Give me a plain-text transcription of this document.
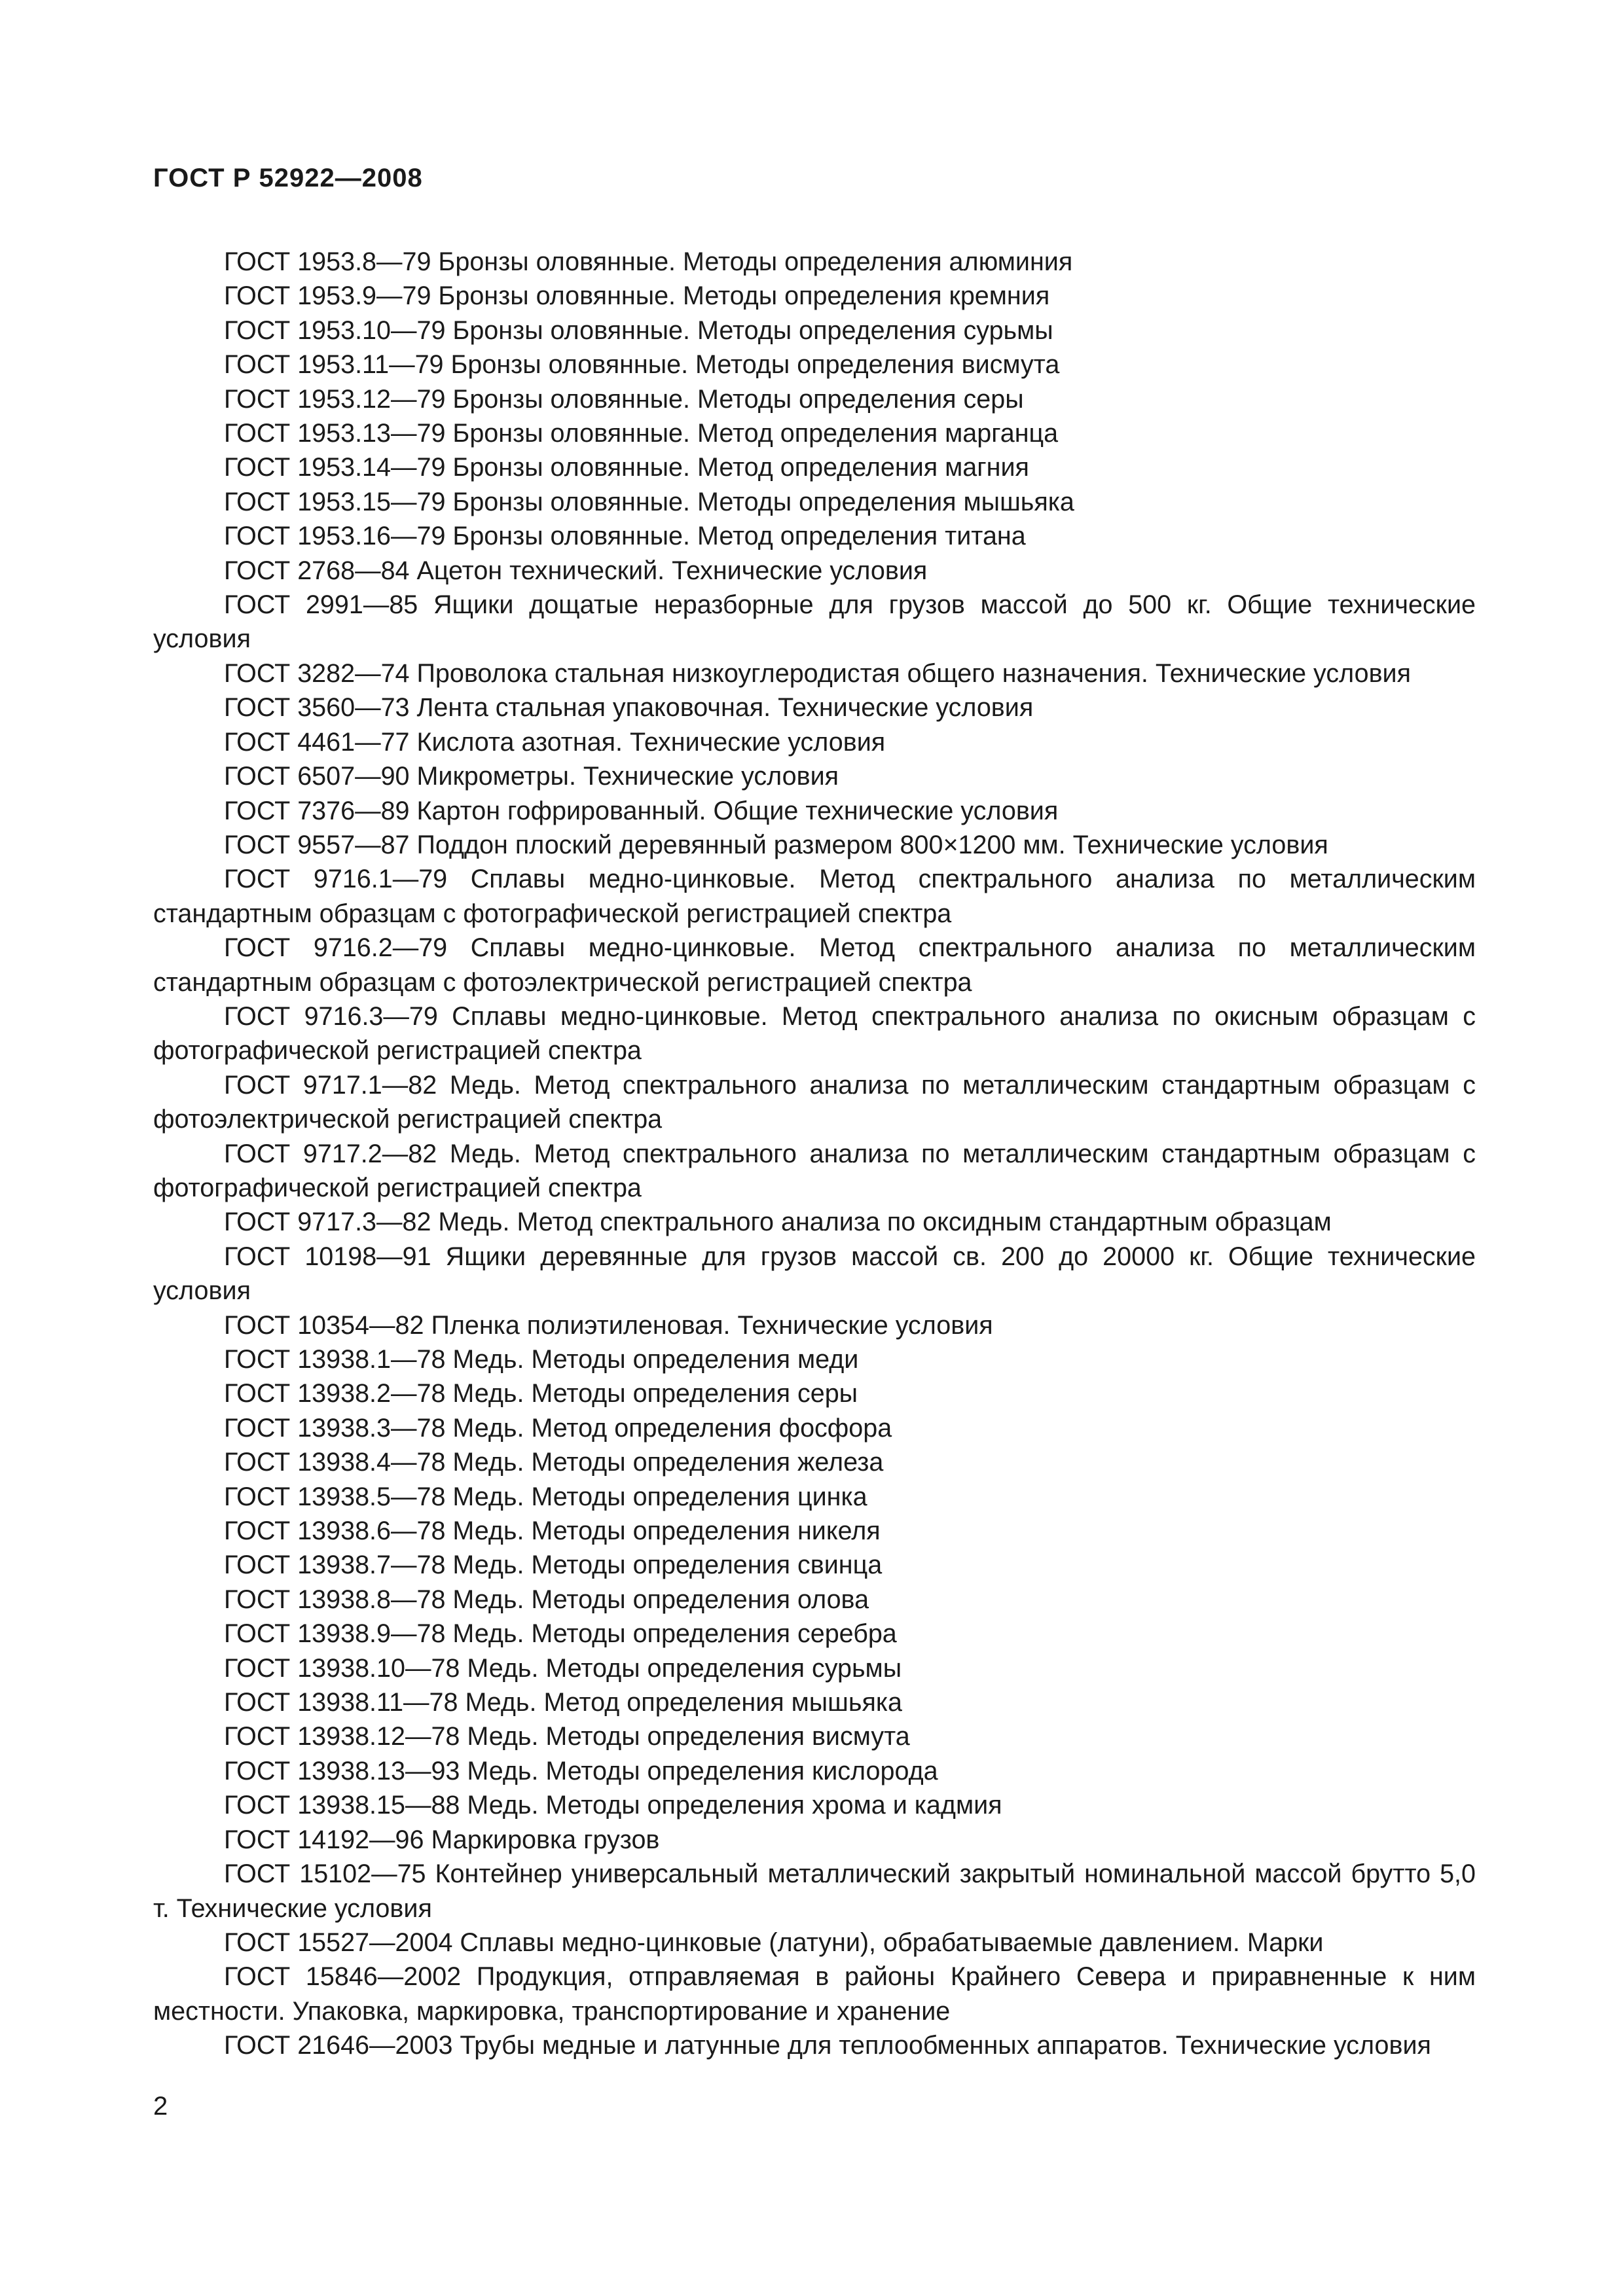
ГОСТ Р 52922—2008
ГОСТ 1953.8—79 Бронзы оловянные. Методы определения алюминия
ГОСТ 1953.9—79 Бронзы оловянные. Методы определения кремния
ГОСТ 1953.10—79 Бронзы оловянные. Методы определения сурьмы
ГОСТ 1953.11—79 Бронзы оловянные. Методы определения висмута
ГОСТ 1953.12—79 Бронзы оловянные. Методы определения серы
ГОСТ 1953.13—79 Бронзы оловянные. Метод определения марганца
ГОСТ 1953.14—79 Бронзы оловянные. Метод определения магния
ГОСТ 1953.15—79 Бронзы оловянные. Методы определения мышьяка
ГОСТ 1953.16—79 Бронзы оловянные. Метод определения титана
ГОСТ 2768—84 Ацетон технический. Технические условия
ГОСТ 2991—85 Ящики дощатые неразборные для грузов массой до 500 кг. Общие технические условия
ГОСТ 3282—74 Проволока стальная низкоуглеродистая общего назначения. Технические условия
ГОСТ 3560—73 Лента стальная упаковочная. Технические условия
ГОСТ 4461—77 Кислота азотная. Технические условия
ГОСТ 6507—90 Микрометры. Технические условия
ГОСТ 7376—89 Картон гофрированный. Общие технические условия
ГОСТ 9557—87 Поддон плоский деревянный размером 800×1200 мм. Технические условия
ГОСТ 9716.1—79 Сплавы медно-цинковые. Метод спектрального анализа по металлическим стандартным образцам с фотографической регистрацией спектра
ГОСТ 9716.2—79 Сплавы медно-цинковые. Метод спектрального анализа по металлическим стандартным образцам с фотоэлектрической регистрацией спектра
ГОСТ 9716.3—79 Сплавы медно-цинковые. Метод спектрального анализа по окисным образцам с фотографической регистрацией спектра
ГОСТ 9717.1—82 Медь. Метод спектрального анализа по металлическим стандартным образцам с фотоэлектрической регистрацией спектра
ГОСТ 9717.2—82 Медь. Метод спектрального анализа по металлическим стандартным образцам с фотографической регистрацией спектра
ГОСТ 9717.3—82 Медь. Метод спектрального анализа по оксидным стандартным образцам
ГОСТ 10198—91 Ящики деревянные для грузов массой св. 200 до 20000 кг. Общие технические условия
ГОСТ 10354—82 Пленка полиэтиленовая. Технические условия
ГОСТ 13938.1—78 Медь. Методы определения меди
ГОСТ 13938.2—78 Медь. Методы определения серы
ГОСТ 13938.3—78 Медь. Метод определения фосфора
ГОСТ 13938.4—78 Медь. Методы определения железа
ГОСТ 13938.5—78 Медь. Методы определения цинка
ГОСТ 13938.6—78 Медь. Методы определения никеля
ГОСТ 13938.7—78 Медь. Методы определения свинца
ГОСТ 13938.8—78 Медь. Методы определения олова
ГОСТ 13938.9—78 Медь. Методы определения серебра
ГОСТ 13938.10—78 Медь. Методы определения сурьмы
ГОСТ 13938.11—78 Медь. Метод определения мышьяка
ГОСТ 13938.12—78 Медь. Методы определения висмута
ГОСТ 13938.13—93 Медь. Методы определения кислорода
ГОСТ 13938.15—88 Медь. Методы определения хрома и кадмия
ГОСТ 14192—96 Маркировка грузов
ГОСТ 15102—75 Контейнер универсальный металлический закрытый номинальной массой брутто 5,0 т. Технические условия
ГОСТ 15527—2004 Сплавы медно-цинковые (латуни), обрабатываемые давлением. Марки
ГОСТ 15846—2002 Продукция, отправляемая в районы Крайнего Севера и приравненные к ним местности. Упаковка, маркировка, транспортирование и хранение
ГОСТ 21646—2003 Трубы медные и латунные для теплообменных аппаратов. Технические условия
2
